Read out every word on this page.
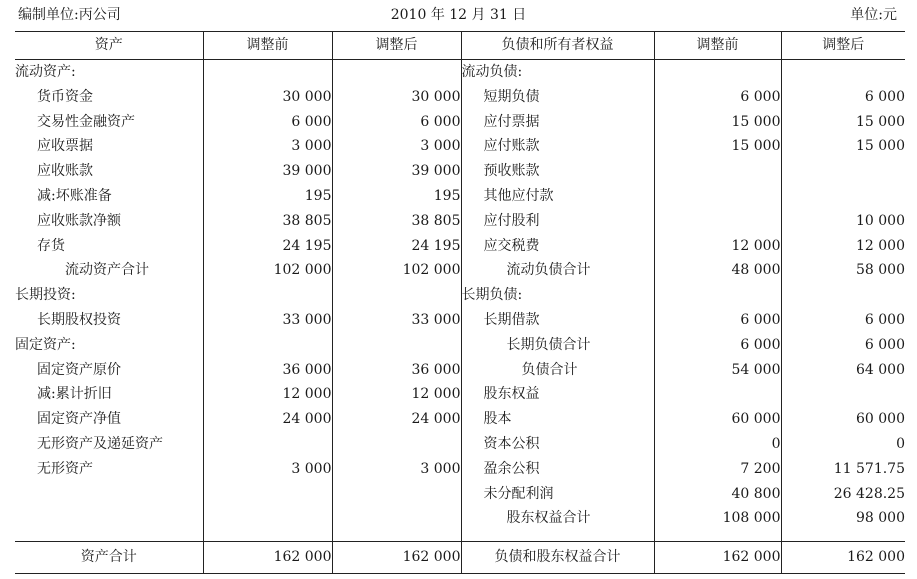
编制单位:丙公司	2010 年 12 月 31 日	单位:元
资产	调整前	调整后	负债和所有者权益	调整前	调整后
流动资产:			流动负债:		
货币资金	30 000	30 000	短期负债	6 000	6 000
交易性金融资产	6 000	6 000	应付票据	15 000	15 000
应收票据	3 000	3 000	应付账款	15 000	15 000
应收账款	39 000	39 000	预收账款		
减:坏账准备	195	195	其他应付款		
应收账款净额	38 805	38 805	应付股利		10 000
存货	24 195	24 195	应交税费	12 000	12 000
流动资产合计	102 000	102 000	流动负债合计	48 000	58 000
长期投资:			长期负债:		
长期股权投资	33 000	33 000	长期借款	6 000	6 000
固定资产:			长期负债合计	6 000	6 000
固定资产原价	36 000	36 000	负债合计	54 000	64 000
减:累计折旧	12 000	12 000	股东权益		
固定资产净值	24 000	24 000	股本	60 000	60 000
无形资产及递延资产			资本公积	0	0
无形资产	3 000	3 000	盈余公积	7 200	11 571.75
			未分配利润	40 800	26 428.25
			股东权益合计	108 000	98 000

资产合计	162 000	162 000	负债和股东权益合计	162 000	162 000
